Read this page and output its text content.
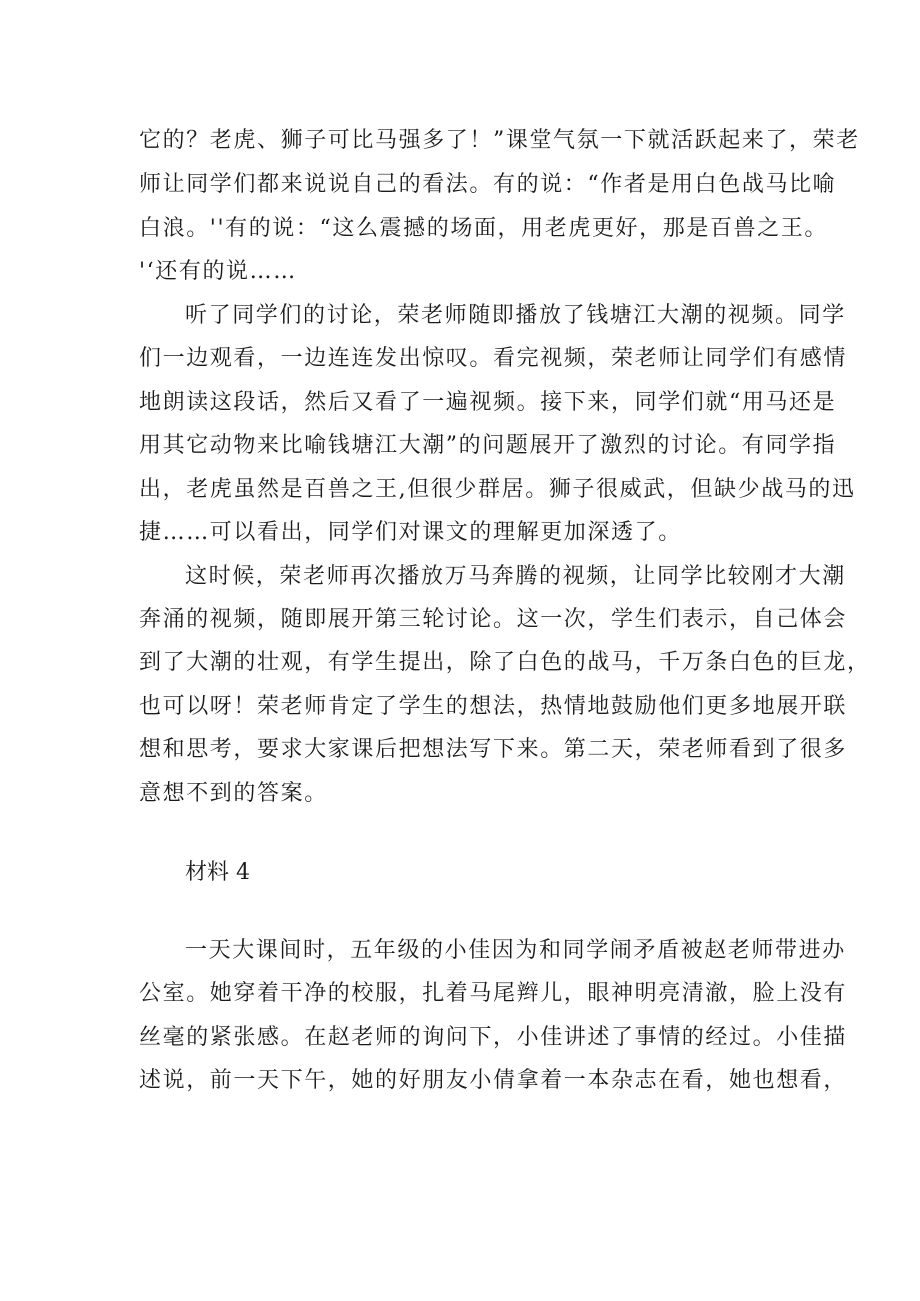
它的？老虎、狮子可比马强多了！”课堂气氛一下就活跃起来了，荣老
师让同学们都来说说自己的看法。有的说：“作者是用白色战马比喻
白浪。''有的说：“这么震撼的场面，用老虎更好，那是百兽之王。
'‘还有的说……
听了同学们的讨论，荣老师随即播放了钱塘江大潮的视频。同学
们一边观看，一边连连发出惊叹。看完视频，荣老师让同学们有感情
地朗读这段话，然后又看了一遍视频。接下来，同学们就“用马还是
用其它动物来比喻钱塘江大潮”的问题展开了激烈的讨论。有同学指
出，老虎虽然是百兽之王,但很少群居。狮子很威武，但缺少战马的迅
捷……可以看出，同学们对课文的理解更加深透了。
这时候，荣老师再次播放万马奔腾的视频，让同学比较刚才大潮
奔涌的视频，随即展开第三轮讨论。这一次，学生们表示，自己体会
到了大潮的壮观，有学生提出，除了白色的战马，千万条白色的巨龙，
也可以呀！荣老师肯定了学生的想法，热情地鼓励他们更多地展开联
想和思考，要求大家课后把想法写下来。第二天，荣老师看到了很多
意想不到的答案。
材料 4
一天大课间时，五年级的小佳因为和同学闹矛盾被赵老师带进办
公室。她穿着干净的校服，扎着马尾辫儿，眼神明亮清澈，脸上没有
丝毫的紧张感。在赵老师的询问下，小佳讲述了事情的经过。小佳描
述说，前一天下午，她的好朋友小倩拿着一本杂志在看，她也想看，
